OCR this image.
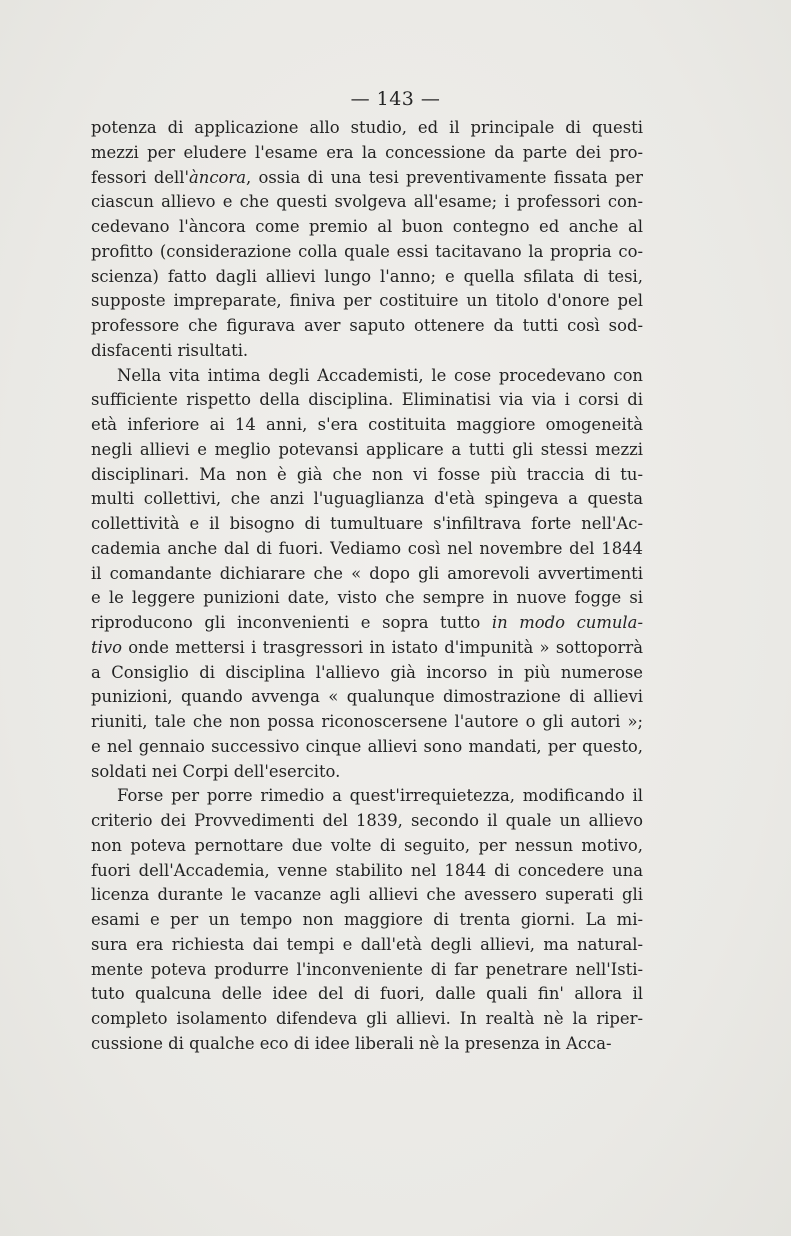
— 143 —
potenza di applicazione allo studio, ed il principale di questi
mezzi per eludere l'esame era la concessione da parte dei pro-
fessori dell'àncora, ossia di una tesi preventivamente fissata per
ciascun allievo e che questi svolgeva all'esame; i professori con-
cedevano l'àncora come premio al buon contegno ed anche al
profitto (considerazione colla quale essi tacitavano la propria co-
scienza) fatto dagli allievi lungo l'anno; e quella sfilata di tesi,
supposte impreparate, finiva per costituire un titolo d'onore pel
professore che figurava aver saputo ottenere da tutti così sod-
disfacenti risultati.
Nella vita intima degli Accademisti, le cose procedevano con
sufficiente rispetto della disciplina. Eliminatisi via via i corsi di
età inferiore ai 14 anni, s'era costituita maggiore omogeneità
negli allievi e meglio potevansi applicare a tutti gli stessi mezzi
disciplinari. Ma non è già che non vi fosse più traccia di tu-
multi collettivi, che anzi l'uguaglianza d'età spingeva a questa
collettività e il bisogno di tumultuare s'infiltrava forte nell'Ac-
cademia anche dal di fuori. Vediamo così nel novembre del 1844
il comandante dichiarare che « dopo gli amorevoli avvertimenti
e le leggere punizioni date, visto che sempre in nuove fogge si
riproducono gli inconvenienti e sopra tutto in modo cumula-
tivo onde mettersi i trasgressori in istato d'impunità » sottoporrà
a Consiglio di disciplina l'allievo già incorso in più numerose
punizioni, quando avvenga « qualunque dimostrazione di allievi
riuniti, tale che non possa riconoscersene l'autore o gli autori »;
e nel gennaio successivo cinque allievi sono mandati, per questo,
soldati nei Corpi dell'esercito.
Forse per porre rimedio a quest'irrequietezza, modificando il
criterio dei Provvedimenti del 1839, secondo il quale un allievo
non poteva pernottare due volte di seguito, per nessun motivo,
fuori dell'Accademia, venne stabilito nel 1844 di concedere una
licenza durante le vacanze agli allievi che avessero superati gli
esami e per un tempo non maggiore di trenta giorni. La mi-
sura era richiesta dai tempi e dall'età degli allievi, ma natural-
mente poteva produrre l'inconveniente di far penetrare nell'Isti-
tuto qualcuna delle idee del di fuori, dalle quali fin' allora il
completo isolamento difendeva gli allievi. In realtà nè la riper-
cussione di qualche eco di idee liberali nè la presenza in Acca-
